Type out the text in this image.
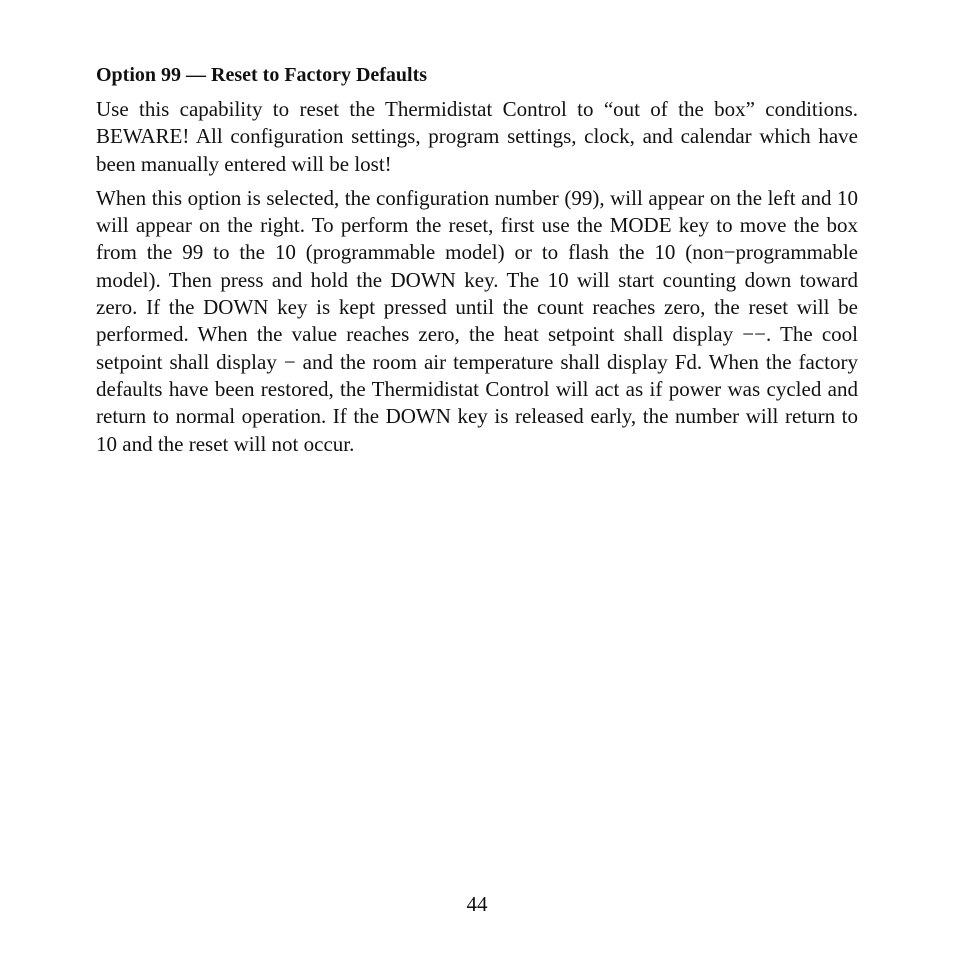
Option 99 — Reset to Factory Defaults

Use this capability to reset the Thermidistat Control to “out of the box” conditions. BEWARE! All configuration settings, program settings, clock, and calendar which have been manually entered will be lost!

When this option is selected, the configuration number (99), will appear on the left and 10 will appear on the right. To perform the reset, first use the MODE key to move the box from the 99 to the 10 (programmable model) or to flash the 10 (non−programmable model). Then press and hold the DOWN key. The 10 will start counting down toward zero. If the DOWN key is kept pressed until the count reaches zero, the reset will be performed. When the value reaches zero, the heat setpoint shall display −−. The cool setpoint shall display − and the room air temperature shall display Fd. When the factory defaults have been restored, the Thermidistat Control will act as if power was cycled and return to normal operation. If the DOWN key is released early, the number will return to 10 and the reset will not occur.

44
